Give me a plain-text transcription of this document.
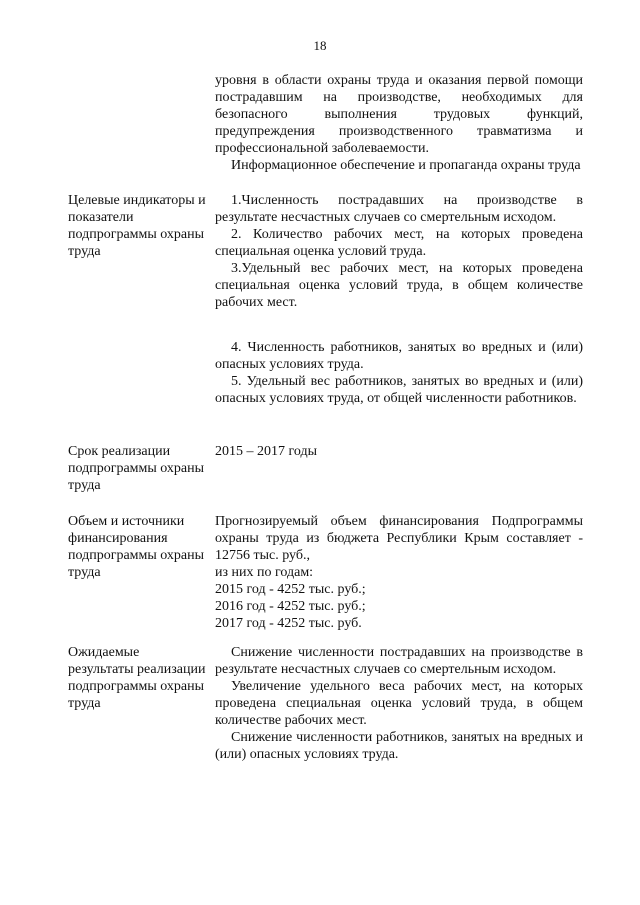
18

уровня в области охраны труда и оказания первой помощи пострадавшим на производстве, необходимых для безопасного выполнения трудовых функций, предупреждения производственного травматизма и профессиональной заболеваемости.

Информационное обеспечение и пропаганда охраны труда

Целевые индикаторы и показатели подпрограммы охраны труда

1.Численность пострадавших на производстве в результате несчастных случаев со смертельным исходом.

2. Количество рабочих мест, на которых проведена специальная оценка условий труда.

3.Удельный вес рабочих мест, на которых проведена специальная оценка условий труда, в общем количестве рабочих мест.

4. Численность работников, занятых во вредных и (или) опасных условиях труда.

5. Удельный вес работников, занятых во вредных и (или) опасных условиях труда, от общей численности работников.

Срок реализации подпрограммы охраны труда

2015 – 2017 годы

Объем и источники финансирования подпрограммы охраны труда

Прогнозируемый объем финансирования Подпрограммы охраны труда из бюджета Республики Крым составляет - 12756 тыс. руб.,

из них по годам:

2015 год - 4252 тыс. руб.;

2016 год - 4252 тыс. руб.;

2017 год - 4252 тыс. руб.

Ожидаемые результаты реализации подпрограммы охраны труда

Снижение численности пострадавших на производстве в результате несчастных случаев со смертельным исходом.

Увеличение удельного веса рабочих мест, на которых проведена специальная оценка условий труда, в общем количестве рабочих мест.

Снижение численности работников, занятых на вредных и (или) опасных условиях труда.
